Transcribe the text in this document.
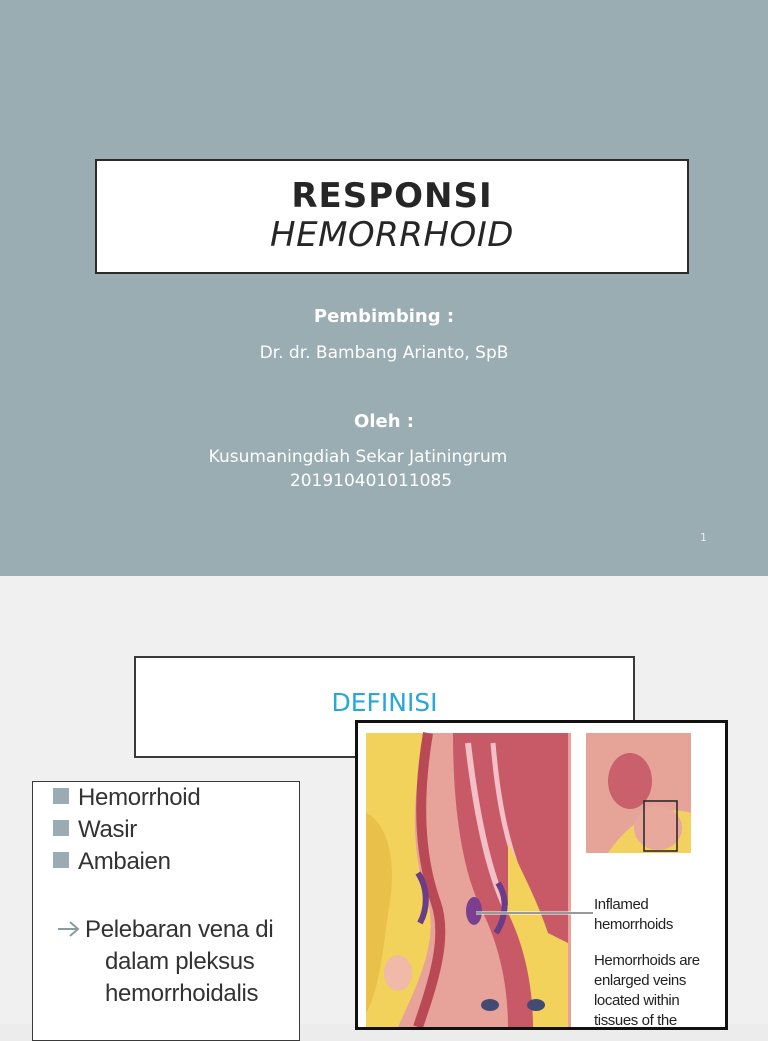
RESPONSI
HEMORRHOID
Pembimbing :
Dr. dr. Bambang Arianto, SpB
Oleh :
Kusumaningdiah Sekar Jatiningrum
201910401011085
1
DEFINISI
Hemorrhoid
Wasir
Ambaien
Pelebaran vena di
dalam pleksus
hemorrhoidalis
Inflamed
hemorrhoids
Hemorrhoids are
enlarged veins
located within
tissues of the
